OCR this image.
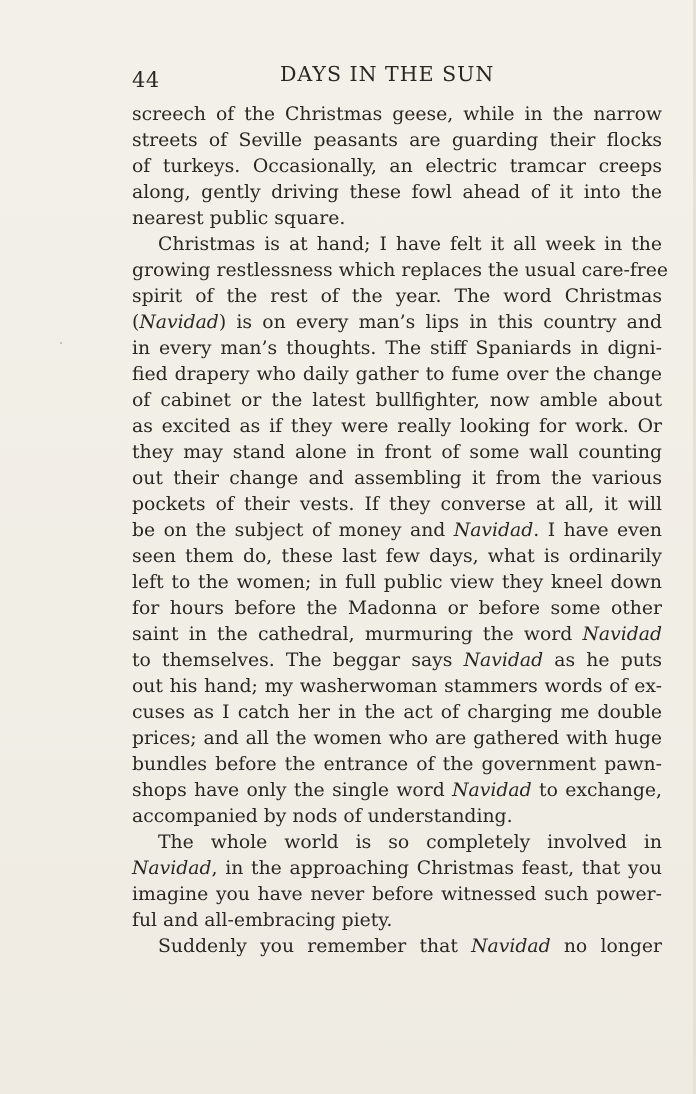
44	DAYS IN THE SUN
screech of the Christmas geese, while in the narrow
streets of Seville peasants are guarding their flocks
of turkeys. Occasionally, an electric tramcar creeps
along, gently driving these fowl ahead of it into the
nearest public square.
Christmas is at hand; I have felt it all week in the
growing restlessness which replaces the usual care-free
spirit of the rest of the year. The word Christmas
(Navidad) is on every man’s lips in this country and
in every man’s thoughts. The stiff Spaniards in digni-
fied drapery who daily gather to fume over the change
of cabinet or the latest bullfighter, now amble about
as excited as if they were really looking for work. Or
they may stand alone in front of some wall counting
out their change and assembling it from the various
pockets of their vests. If they converse at all, it will
be on the subject of money and Navidad. I have even
seen them do, these last few days, what is ordinarily
left to the women; in full public view they kneel down
for hours before the Madonna or before some other
saint in the cathedral, murmuring the word Navidad
to themselves. The beggar says Navidad as he puts
out his hand; my washerwoman stammers words of ex-
cuses as I catch her in the act of charging me double
prices; and all the women who are gathered with huge
bundles before the entrance of the government pawn-
shops have only the single word Navidad to exchange,
accompanied by nods of understanding.
The whole world is so completely involved in
Navidad, in the approaching Christmas feast, that you
imagine you have never before witnessed such power-
ful and all-embracing piety.
Suddenly you remember that Navidad no longer
